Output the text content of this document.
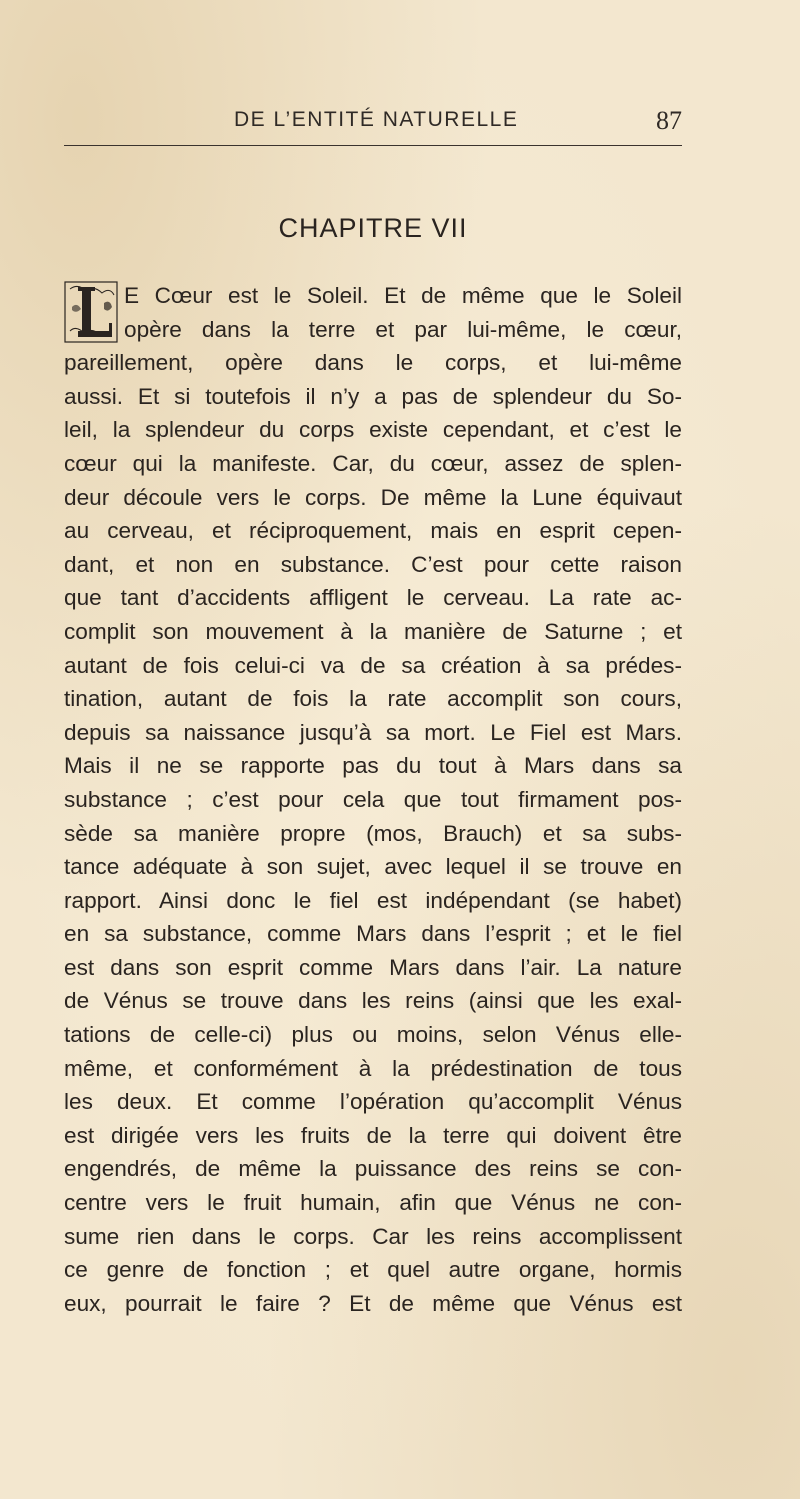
DE L’ENTITÉ NATURELLE	87
CHAPITRE VII
E Cœur est le Soleil. Et de même que le Soleil
opère dans la terre et par lui-même, le cœur,
pareillement, opère dans le corps, et lui-même
aussi. Et si toutefois il n’y a pas de splendeur du So-
leil, la splendeur du corps existe cependant, et c’est le
cœur qui la manifeste. Car, du cœur, assez de splen-
deur découle vers le corps. De même la Lune équivaut
au cerveau, et réciproquement, mais en esprit cepen-
dant, et non en substance. C’est pour cette raison
que tant d’accidents affligent le cerveau. La rate ac-
complit son mouvement à la manière de Saturne ; et
autant de fois celui-ci va de sa création à sa prédes-
tination, autant de fois la rate accomplit son cours,
depuis sa naissance jusqu’à sa mort. Le Fiel est Mars.
Mais il ne se rapporte pas du tout à Mars dans sa
substance ; c’est pour cela que tout firmament pos-
sède sa manière propre (mos, Brauch) et sa subs-
tance adéquate à son sujet, avec lequel il se trouve en
rapport. Ainsi donc le fiel est indépendant (se habet)
en sa substance, comme Mars dans l’esprit ; et le fiel
est dans son esprit comme Mars dans l’air. La nature
de Vénus se trouve dans les reins (ainsi que les exal-
tations de celle-ci) plus ou moins, selon Vénus elle-
même, et conformément à la prédestination de tous
les deux. Et comme l’opération qu’accomplit Vénus
est dirigée vers les fruits de la terre qui doivent être
engendrés, de même la puissance des reins se con-
centre vers le fruit humain, afin que Vénus ne con-
sume rien dans le corps. Car les reins accomplissent
ce genre de fonction ; et quel autre organe, hormis
eux, pourrait le faire ? Et de même que Vénus est
